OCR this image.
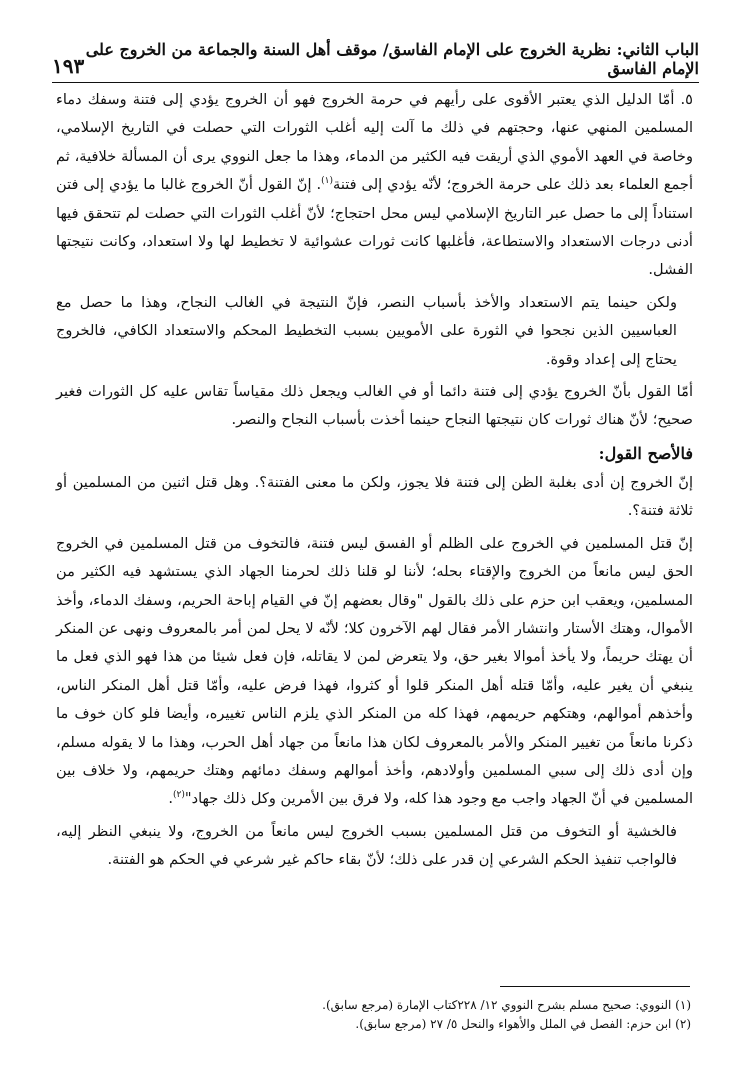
الباب الثاني: نظرية الخروج على الإمام الفاسق/ موقف أهل السنة والجماعة من الخروج على الإمام الفاسق
١٩٣

٥. أمّا الدليل الذي يعتبر الأقوى على رأيهم في حرمة الخروج فهو أن الخروج يؤدي إلى فتنة وسفك دماء المسلمين المنهي عنها، وحجتهم في ذلك ما آلت إليه أغلب الثورات التي حصلت في التاريخ الإسلامي، وخاصة في العهد الأموي الذي أريقت فيه الكثير من الدماء، وهذا ما جعل النووي يرى أن المسألة خلافية، ثم أجمع العلماء بعد ذلك على حرمة الخروج؛ لأنّه يؤدي إلى فتنة$^{(١)}$. إنّ القول أنّ الخروج غالبا ما يؤدي إلى فتن استناداً إلى ما حصل عبر التاريخ الإسلامي ليس محل احتجاج؛ لأنّ أغلب الثورات التي حصلت لم تتحقق فيها أدنى درجات الاستعداد والاستطاعة، فأغلبها كانت ثورات عشوائية لا تخطيط لها ولا استعداد، وكانت نتيجتها الفشل.

ولكن حينما يتم الاستعداد والأخذ بأسباب النصر، فإنّ النتيجة في الغالب النجاح، وهذا ما حصل مع العباسيين الذين نجحوا في الثورة على الأمويين بسبب التخطيط المحكم والاستعداد الكافي، فالخروج يحتاج إلى إعداد وقوة.

أمّا القول بأنّ الخروج يؤدي إلى فتنة دائما أو في الغالب ويجعل ذلك مقياساً تقاس عليه كل الثورات فغير صحيح؛ لأنّ هناك ثورات كان نتيجتها النجاح حينما أخذت بأسباب النجاح والنصر.

فالأصح القول:

إنّ الخروج إن أدى بغلبة الظن إلى فتنة فلا يجوز، ولكن ما معنى الفتنة؟. وهل قتل اثنين من المسلمين أو ثلاثة فتنة؟.

إنّ قتل المسلمين في الخروج على الظلم أو الفسق ليس فتنة، فالتخوف من قتل المسلمين في الخروج الحق ليس مانعاً من الخروج والإقتاء بحله؛ لأننا لو قلنا ذلك لحرمنا الجهاد الذي يستشهد فيه الكثير من المسلمين، ويعقب ابن حزم على ذلك بالقول "وقال بعضهم إنّ في القيام إباحة الحريم، وسفك الدماء، وأخذ الأموال، وهتك الأستار وانتشار الأمر فقال لهم الآخرون كلا؛ لأنّه لا يحل لمن أمر بالمعروف ونهى عن المنكر أن يهتك حريماً، ولا يأخذ أموالا بغير حق، ولا يتعرض لمن لا يقاتله، فإن فعل شيئا من هذا فهو الذي فعل ما ينبغي أن يغير عليه، وأمّا قتله أهل المنكر قلوا أو كثروا، فهذا فرض عليه، وأمّا قتل أهل المنكر الناس، وأخذهم أموالهم، وهتكهم حريمهم، فهذا كله من المنكر الذي يلزم الناس تغييره، وأيضا فلو كان خوف ما ذكرنا مانعاً من تغيير المنكر والأمر بالمعروف لكان هذا مانعاً من جهاد أهل الحرب، وهذا ما لا يقوله مسلم، وإن أدى ذلك إلى سبي المسلمين وأولادهم، وأخذ أموالهم وسفك دمائهم وهتك حريمهم، ولا خلاف بين المسلمين في أنّ الجهاد واجب مع وجود هذا كله، ولا فرق بين الأمرين وكل ذلك جهاد"$^{(٢)}$.

فالخشية أو التخوف من قتل المسلمين بسبب الخروج ليس مانعاً من الخروج، ولا ينبغي النظر إليه، فالواجب تنفيذ الحكم الشرعي إن قدر على ذلك؛ لأنّ بقاء حاكم غير شرعي في الحكم هو الفتنة.

(١) النووي: صحيح مسلم بشرح النووي ١٢/ ٢٢٨كتاب الإمارة (مرجع سابق).
(٢) ابن حزم: الفصل في الملل والأهواء والنحل ٥/ ٢٧ (مرجع سابق).
